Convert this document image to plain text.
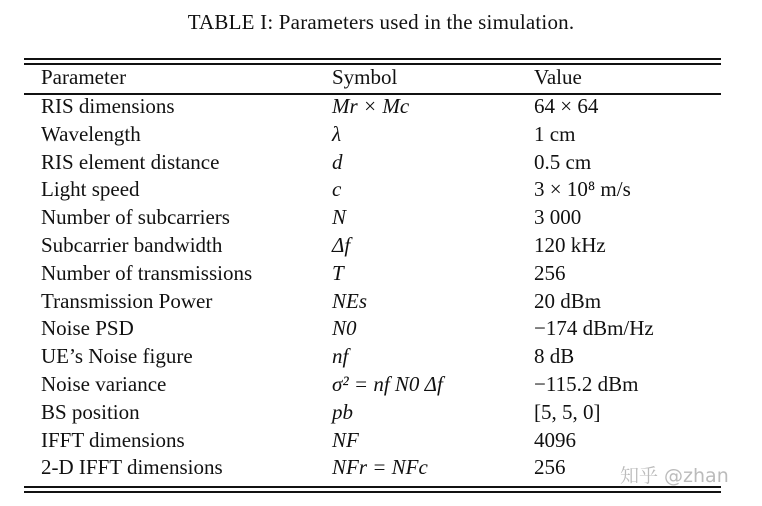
TABLE I: Parameters used in the simulation.
Parameter	Symbol	Value
RIS dimensions	Mr × Mc	64 × 64
Wavelength	λ	1 cm
RIS element distance	d	0.5 cm
Light speed	c	3 × 10⁸ m/s
Number of subcarriers	N	3 000
Subcarrier bandwidth	Δf	120 kHz
Number of transmissions	T	256
Transmission Power	NEs	20 dBm
Noise PSD	N0	−174 dBm/Hz
UE’s Noise figure	nf	8 dB
Noise variance	σ² = nf N0 Δf	−115.2 dBm
BS position	pb	[5, 5, 0]
IFFT dimensions	NF	4096
2-D IFFT dimensions	NFr = NFc	256	知乎 @zhan
